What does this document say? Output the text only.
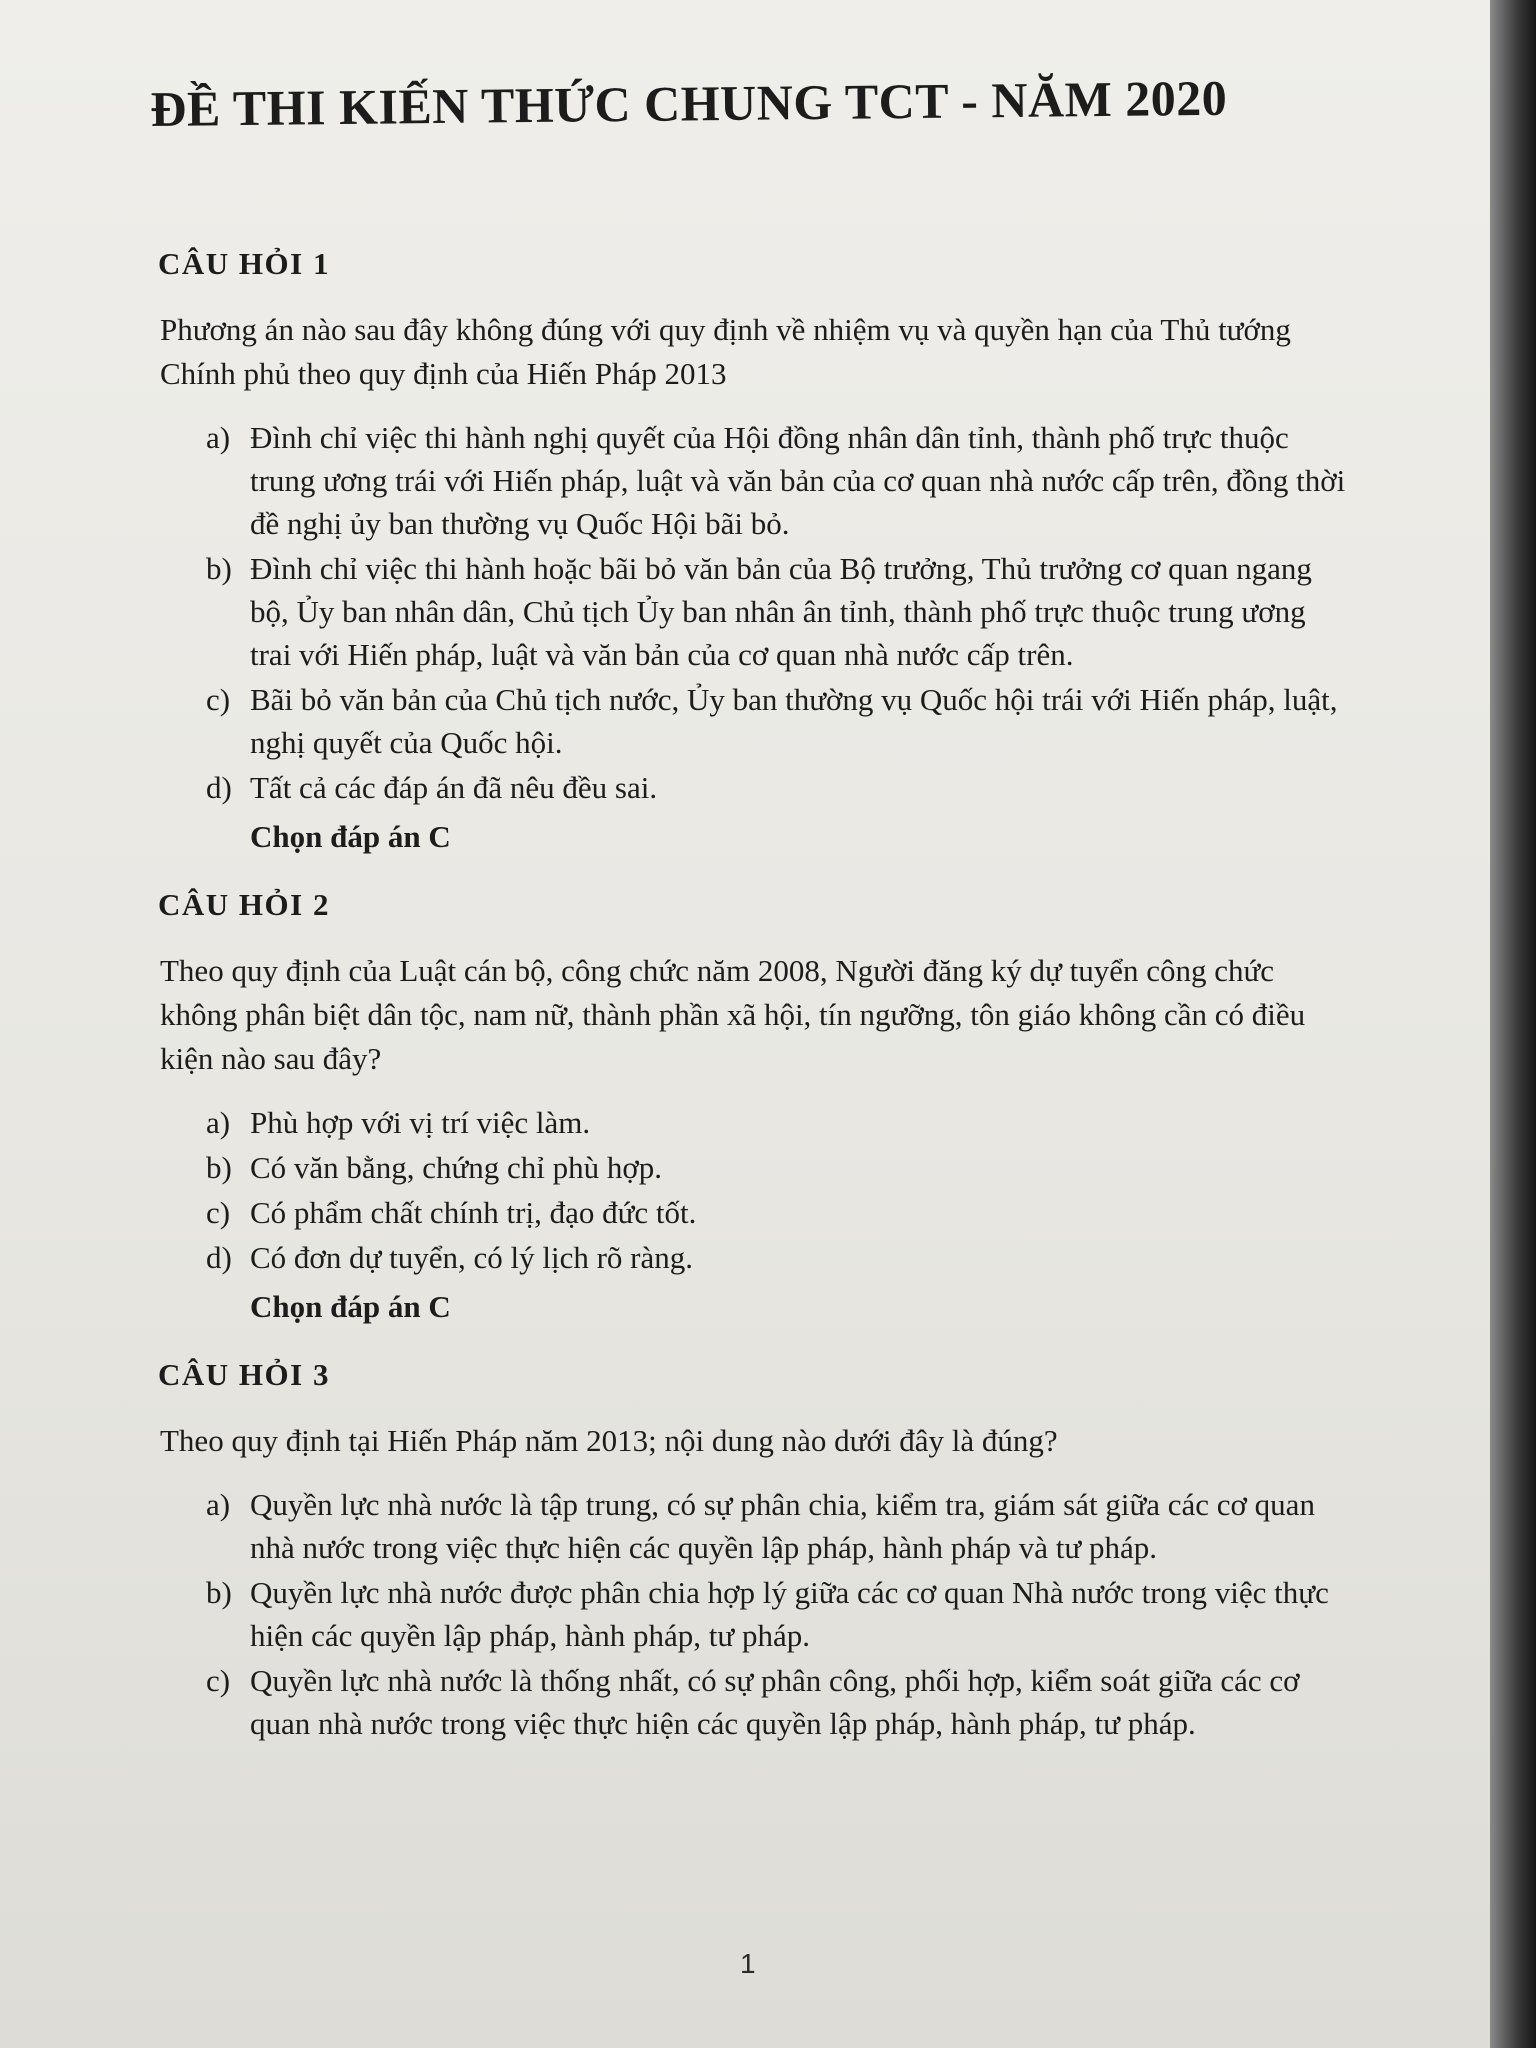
ĐỀ THI KIẾN THỨC CHUNG TCT - NĂM 2020
CÂU HỎI 1

Phương án nào sau đây không đúng với quy định về nhiệm vụ và quyền hạn của Thủ tướng Chính phủ theo quy định của Hiến Pháp 2013

a) Đình chỉ việc thi hành nghị quyết của Hội đồng nhân dân tỉnh, thành phố trực thuộc trung ương trái với Hiến pháp, luật và văn bản của cơ quan nhà nước cấp trên, đồng thời đề nghị ủy ban thường vụ Quốc Hội bãi bỏ.
b) Đình chỉ việc thi hành hoặc bãi bỏ văn bản của Bộ trưởng, Thủ trưởng cơ quan ngang bộ, Ủy ban nhân dân, Chủ tịch Ủy ban nhân ân tỉnh, thành phố trực thuộc trung ương trai với Hiến pháp, luật và văn bản của cơ quan nhà nước cấp trên.
c) Bãi bỏ văn bản của Chủ tịch nước, Ủy ban thường vụ Quốc hội trái với Hiến pháp, luật, nghị quyết của Quốc hội.
d) Tất cả các đáp án đã nêu đều sai.
Chọn đáp án C
CÂU HỎI 2

Theo quy định của Luật cán bộ, công chức năm 2008, Người đăng ký dự tuyển công chức không phân biệt dân tộc, nam nữ, thành phần xã hội, tín ngưỡng, tôn giáo không cần có điều kiện nào sau đây?

a) Phù hợp với vị trí việc làm.
b) Có văn bằng, chứng chỉ phù hợp.
c) Có phẩm chất chính trị, đạo đức tốt.
d) Có đơn dự tuyển, có lý lịch rõ ràng.
Chọn đáp án C
CÂU HỎI 3

Theo quy định tại Hiến Pháp năm 2013; nội dung nào dưới đây là đúng?

a) Quyền lực nhà nước là tập trung, có sự phân chia, kiểm tra, giám sát giữa các cơ quan nhà nước trong việc thực hiện các quyền lập pháp, hành pháp và tư pháp.
b) Quyền lực nhà nước được phân chia hợp lý giữa các cơ quan Nhà nước trong việc thực hiện các quyền lập pháp, hành pháp, tư pháp.
c) Quyền lực nhà nước là thống nhất, có sự phân công, phối hợp, kiểm soát giữa các cơ quan nhà nước trong việc thực hiện các quyền lập pháp, hành pháp, tư pháp.
1
